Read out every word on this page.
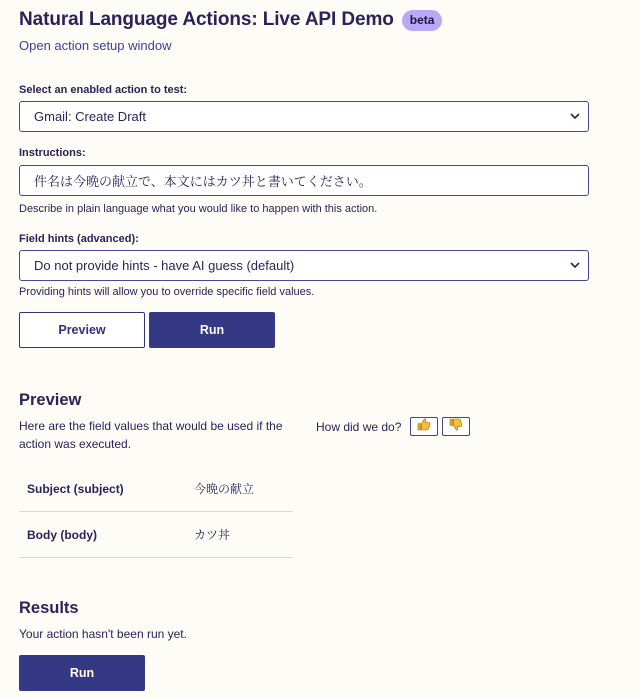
Natural Language Actions: Live API Demo	beta
Open action setup window
Select an enabled action to test:
Gmail: Create Draft
Instructions:
件名は今晩の献立で、本文にはカツ丼と書いてください。
Describe in plain language what you would like to happen with this action.
Field hints (advanced):
Do not provide hints - have AI guess (default)
Providing hints will allow you to override specific field values.
Preview	Run
Preview
Here are the field values that would be used if the action was executed.
How did we do?
Subject (subject)	今晩の献立
Body (body)	カツ丼
Results
Your action hasn't been run yet.
Run
